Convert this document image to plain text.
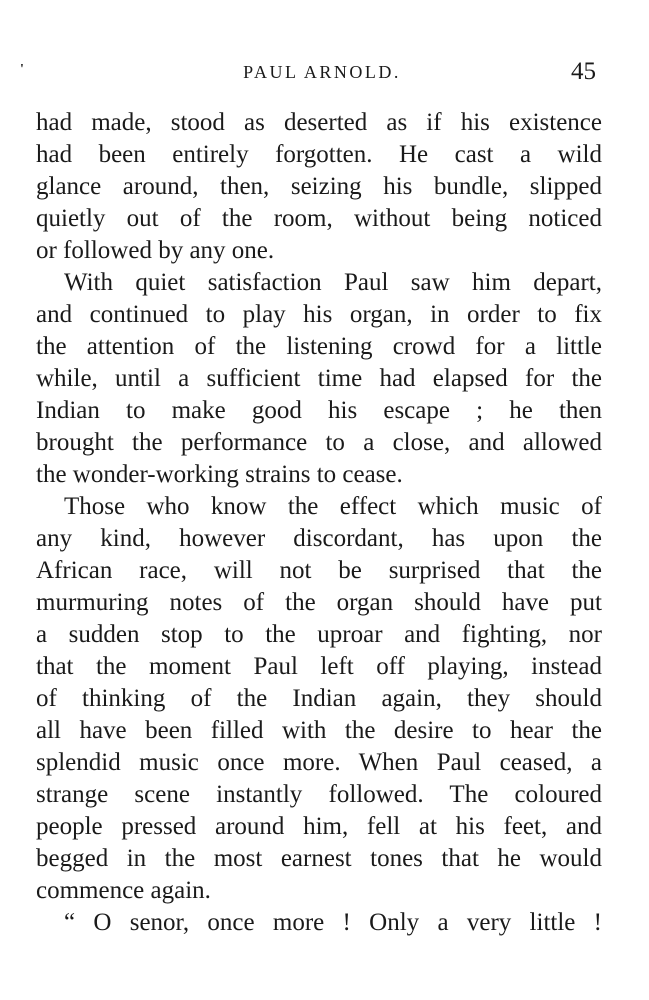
'	PAUL ARNOLD.	45
had made, stood as deserted as if his existence
had been entirely forgotten. He cast a wild
glance around, then, seizing his bundle, slipped
quietly out of the room, without being noticed
or followed by any one.
With quiet satisfaction Paul saw him depart,
and continued to play his organ, in order to fix
the attention of the listening crowd for a little
while, until a sufficient time had elapsed for the
Indian to make good his escape ; he then
brought the performance to a close, and allowed
the wonder-working strains to cease.
Those who know the effect which music of
any kind, however discordant, has upon the
African race, will not be surprised that the
murmuring notes of the organ should have put
a sudden stop to the uproar and fighting, nor
that the moment Paul left off playing, instead
of thinking of the Indian again, they should
all have been filled with the desire to hear the
splendid music once more. When Paul ceased, a
strange scene instantly followed. The coloured
people pressed around him, fell at his feet, and
begged in the most earnest tones that he would
commence again.
“ O senor, once more ! Only a very little !
